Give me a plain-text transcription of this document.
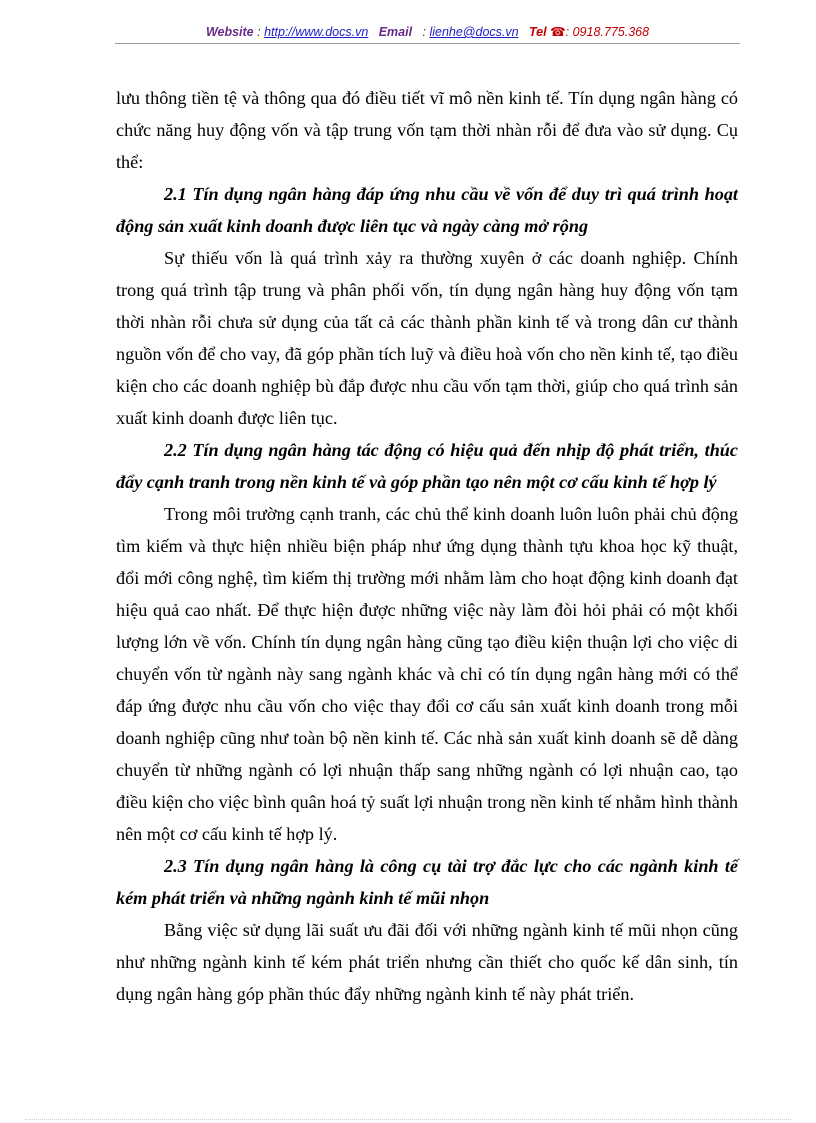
Website : http://www.docs.vn Email   : lienhe@docs.vn Tel ☎: 0918.775.368

lưu thông tiền tệ và thông qua đó điều tiết vĩ mô nền kinh tế. Tín dụng ngân hàng có chức năng huy động vốn và tập trung vốn tạm thời nhàn rỗi để đưa vào sử dụng. Cụ thể:

2.1 Tín dụng ngân hàng đáp ứng nhu cầu về vốn để duy trì quá trình hoạt động sản xuất kinh doanh được liên tục và ngày càng mở rộng

Sự thiếu vốn là quá trình xảy ra thường xuyên ở các doanh nghiệp. Chính trong quá trình tập trung và phân phối vốn, tín dụng ngân hàng huy động vốn tạm thời nhàn rỗi chưa sử dụng của tất cả các thành phần kinh tế và trong dân cư thành nguồn vốn để cho vay, đã góp phần tích luỹ và điều hoà vốn cho nền kinh tế, tạo điều kiện cho các doanh nghiệp bù đắp được nhu cầu vốn tạm thời, giúp cho quá trình sản xuất kinh doanh được liên tục.

2.2 Tín dụng ngân hàng tác động có hiệu quả đến nhịp độ phát triển, thúc đẩy cạnh tranh trong nền kinh tế và góp phần tạo nên một cơ cấu kinh tế hợp lý

Trong môi trường cạnh tranh, các chủ thể kinh doanh luôn luôn phải chủ động tìm kiếm và thực hiện nhiều biện pháp như ứng dụng thành tựu khoa học kỹ thuật, đổi mới công nghệ, tìm kiếm thị trường mới nhằm làm cho hoạt động kinh doanh đạt hiệu quả cao nhất. Để thực hiện được những việc này làm đòi hỏi phải có một khối lượng lớn về vốn. Chính tín dụng ngân hàng cũng tạo điều kiện thuận lợi cho việc di chuyển vốn từ ngành này sang ngành khác và chỉ có tín dụng ngân hàng mới có thể đáp ứng được nhu cầu vốn cho việc thay đổi cơ cấu sản xuất kinh doanh trong mỗi doanh nghiệp cũng như toàn bộ nền kinh tế. Các nhà sản xuất kinh doanh sẽ dễ dàng chuyển từ những ngành có lợi nhuận thấp sang những ngành có lợi nhuận cao, tạo điều kiện cho việc bình quân hoá tỷ suất lợi nhuận trong nền kinh tế nhằm hình thành nên một cơ cấu kinh tế hợp lý.

2.3 Tín dụng ngân hàng là công cụ tài trợ đắc lực cho các ngành kinh tế kém phát triển và những ngành kinh tế mũi nhọn

Bằng việc sử dụng lãi suất ưu đãi đối với những ngành kinh tế mũi nhọn cũng như những ngành kinh tế kém phát triển nhưng cần thiết cho quốc kế dân sinh, tín dụng ngân hàng góp phần thúc đẩy những ngành kinh tế này phát triển.
